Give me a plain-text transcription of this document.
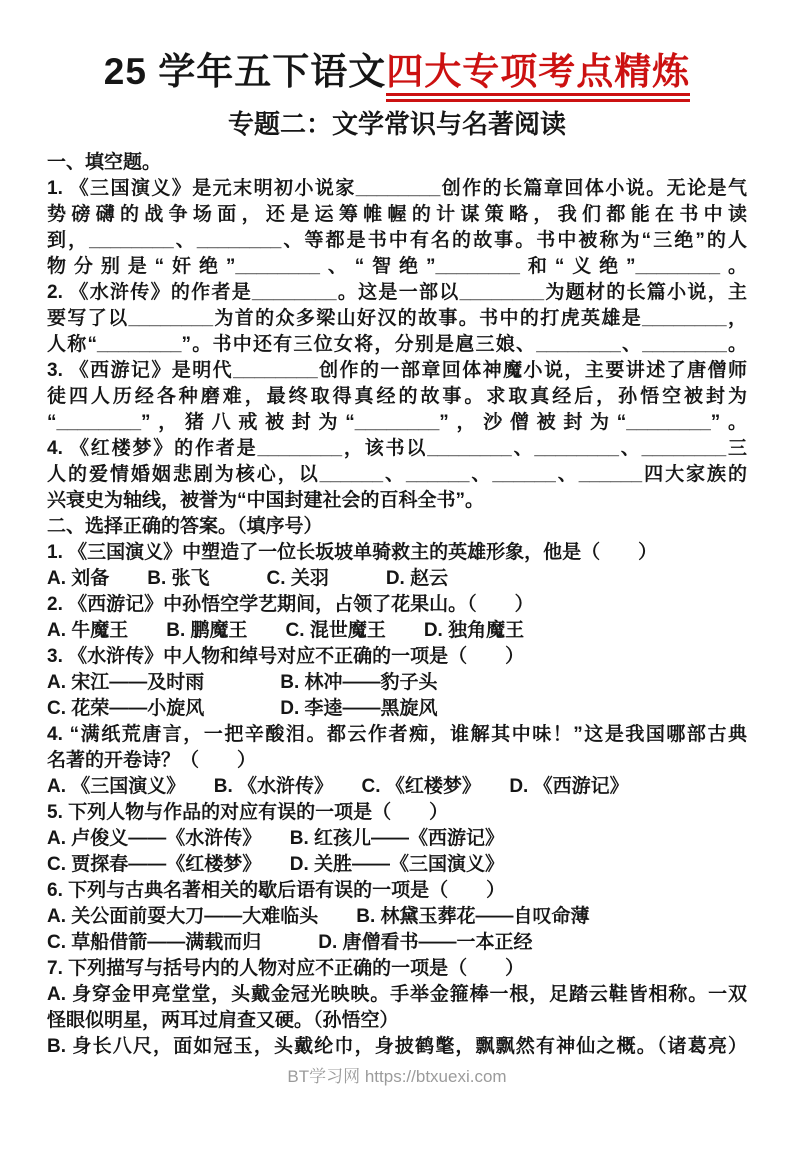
25 学年五下语文四大专项考点精炼
专题二：文学常识与名著阅读
一、填空题。
1. 《三国演义》是元末明初小说家________创作的长篇章回体小说。无论是气
势磅礴的战争场面，还是运筹帷幄的计谋策略，我们都能在书中读
到，________、________、等都是书中有名的故事。书中被称为“三绝”的人
物分别是“奸绝”________、“智绝”________和“义绝”________。
2. 《水浒传》的作者是________。这是一部以________为题材的长篇小说，主
要写了以________为首的众多梁山好汉的故事。书中的打虎英雄是________，
人称“________”。书中还有三位女将，分别是扈三娘、________、________。
3. 《西游记》是明代________创作的一部章回体神魔小说，主要讲述了唐僧师
徒四人历经各种磨难，最终取得真经的故事。求取真经后，孙悟空被封为
“________”，猪八戒被封为“________”，沙僧被封为“________”。
4. 《红楼梦》的作者是________，该书以________、________、________三
人的爱情婚姻悲剧为核心，以______、______、______、______四大家族的
兴衰史为轴线，被誉为“中国封建社会的百科全书”。
二、选择正确的答案。（填序号）
1. 《三国演义》中塑造了一位长坂坡单骑救主的英雄形象，他是（　　）
A. 刘备　　B. 张飞　　　C. 关羽　　　D. 赵云
2. 《西游记》中孙悟空学艺期间，占领了花果山。（　　）
A. 牛魔王　　B. 鹏魔王　　C. 混世魔王　　D. 独角魔王
3. 《水浒传》中人物和绰号对应不正确的一项是（　　）
A. 宋江——及时雨　　　　B. 林冲——豹子头
C. 花荣——小旋风　　　　D. 李逵——黑旋风
4. “满纸荒唐言，一把辛酸泪。都云作者痴，谁解其中味！”这是我国哪部古典
名著的开卷诗？（　　）
A. 《三国演义》　　B. 《水浒传》　　C. 《红楼梦》　　D. 《西游记》
5. 下列人物与作品的对应有误的一项是（　　）
A. 卢俊义——《水浒传》　　B. 红孩儿——《西游记》
C. 贾探春——《红楼梦》　　D. 关胜——《三国演义》
6. 下列与古典名著相关的歇后语有误的一项是（　　）
A. 关公面前耍大刀——大难临头　　B. 林黛玉葬花——自叹命薄
C. 草船借箭——满载而归　　　D. 唐僧看书——一本正经
7. 下列描写与括号内的人物对应不正确的一项是（　　）
A. 身穿金甲亮堂堂，头戴金冠光映映。手举金箍棒一根，足踏云鞋皆相称。一双
怪眼似明星，两耳过肩查又硬。（孙悟空）
B. 身长八尺，面如冠玉，头戴纶巾，身披鹤氅，飘飘然有神仙之概。（诸葛亮）
BT学习网 https://btxuexi.com
